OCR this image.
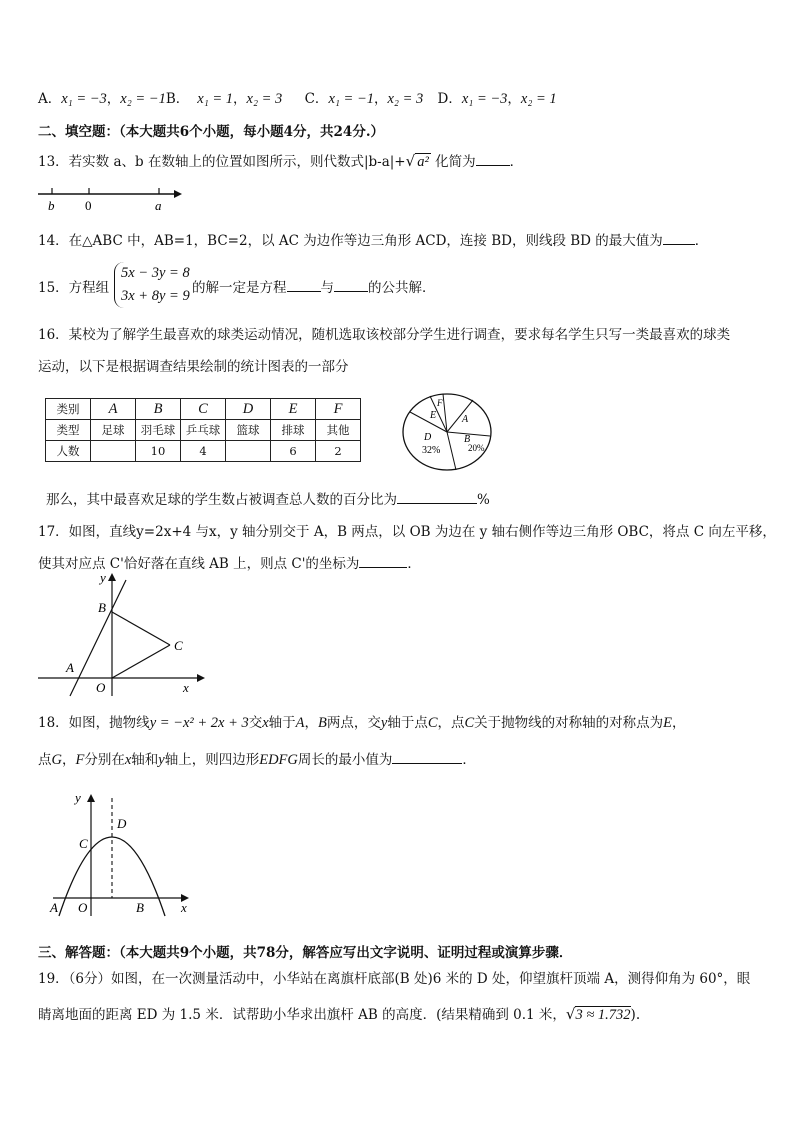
A．x₁ = −3，x₂ = −1B． x₁ = 1，x₂ = 3 C．x₁ = −1，x₂ = 3 D．x₁ = −3，x₂ = 1
二、填空题：（本大题共6个小题，每小题4分，共24分.）
13．若实数 a、b 在数轴上的位置如图所示，则代数式|b-a|+√ a² 化简为	．
b 0	a
14．在△ABC 中，AB=1，BC=2，以 AC 为边作等边三角形 ACD，连接 BD，则线段 BD 的最大值为 ．
15．方程组
5x − 3y = 8
3x + 8y = 9 的解一定是方程	与	的公共解．
16．某校为了解学生最喜欢的球类运动情况，随机选取该校部分学生进行调查，要求每名学生只写一类最喜欢的球类
运动，以下是根据调查结果绘制的统计图表的一部分
类别	A	B	C	D	E	F
类型	足球	羽毛球	乒乓球	篮球	排球	其他
人数		10	4		6	2
E
F
A
B
20%
D
32%
那么，其中最喜欢足球的学生数占被调查总人数的百分比为	%
17．如图，直线y=2x+4 与x，y 轴分别交于 A，B 两点，以 OB 为边在 y 轴右侧作等边三角形 OBC，将点 C 向左平移，
使其对应点 C'恰好落在直线 AB 上，则点 C'的坐标为	．
y
x
B
C
A
O
18．如图，抛物线y = −x² + 2x + 3交x轴于A，B两点，交y轴于点C，点C关于抛物线的对称轴的对称点为E，
点G，F分别在x轴和y轴上，则四边形EDFG周长的最小值为	．
y
x
D
C
A O	B
三、解答题：（本大题共9个小题，共78分，解答应写出文字说明、证明过程或演算步骤．
19．（6分）如图，在一次测量活动中，小华站在离旗杆底部(B 处)6 米的 D 处，仰望旗杆顶端 A，测得仰角为 60°，眼
睛离地面的距离 ED 为 1.5 米．试帮助小华求出旗杆 AB 的高度．(结果精确到 0.1 米，√3 ≈ 1.732).
